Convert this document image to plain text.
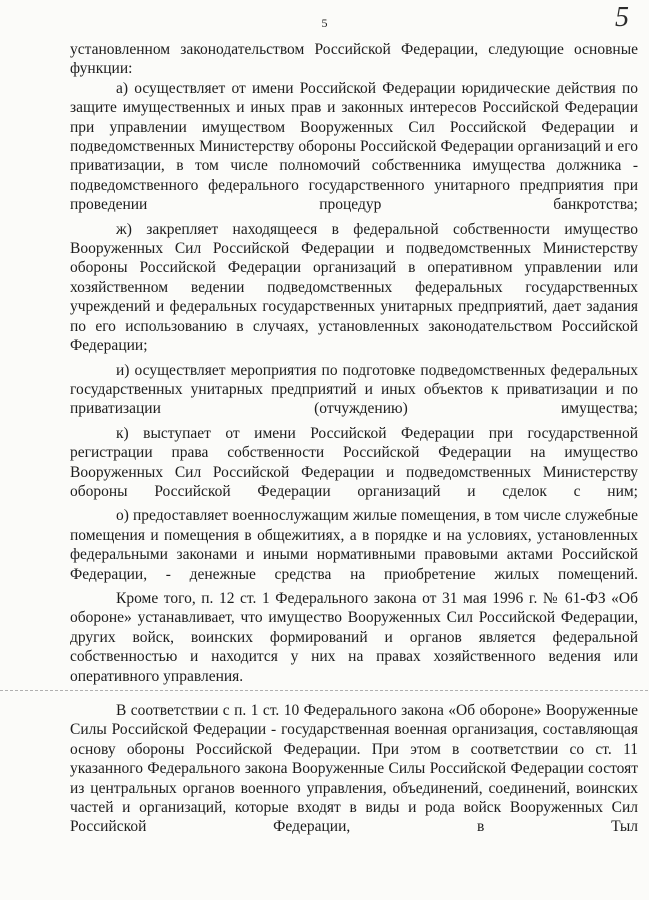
5	5

установленном законодательством Российской Федерации, следующие основные функции:

а) осуществляет от имени Российской Федерации юридические действия по защите имущественных и иных прав и законных интересов Российской Федерации при управлении имуществом Вооруженных Сил Российской Федерации и подведомственных Министерству обороны Российской Федерации организаций и его приватизации, в том числе полномочий собственника имущества должника - подведомственного федерального государственного унитарного предприятия при проведении процедур банкротства;

ж) закрепляет находящееся в федеральной собственности имущество Вооруженных Сил Российской Федерации и подведомственных Министерству обороны Российской Федерации организаций в оперативном управлении или хозяйственном ведении подведомственных федеральных государственных учреждений и федеральных государственных унитарных предприятий, дает задания по его использованию в случаях, установленных законодательством Российской Федерации;

и) осуществляет мероприятия по подготовке подведомственных федеральных государственных унитарных предприятий и иных объектов к приватизации и по приватизации (отчуждению) имущества;

к) выступает от имени Российской Федерации при государственной регистрации права собственности Российской Федерации на имущество Вооруженных Сил Российской Федерации и подведомственных Министерству обороны Российской Федерации организаций и сделок с ним;

о) предоставляет военнослужащим жилые помещения, в том числе служебные помещения и помещения в общежитиях, а в порядке и на условиях, установленных федеральными законами и иными нормативными правовыми актами Российской Федерации, - денежные средства на приобретение жилых помещений.

Кроме того, п. 12 ст. 1 Федерального закона от 31 мая 1996 г. № 61-ФЗ «Об обороне» устанавливает, что имущество Вооруженных Сил Российской Федерации, других войск, воинских формирований и органов является федеральной собственностью и находится у них на правах хозяйственного ведения или оперативного управления.

В соответствии с п. 1 ст. 10 Федерального закона «Об обороне» Вооруженные Силы Российской Федерации - государственная военная организация, составляющая основу обороны Российской Федерации. При этом в соответствии со ст. 11 указанного Федерального закона Вооруженные Силы Российской Федерации состоят из центральных органов военного управления, объединений, соединений, воинских частей и организаций, которые входят в виды и рода войск Вооруженных Сил Российской Федерации, в Тыл
